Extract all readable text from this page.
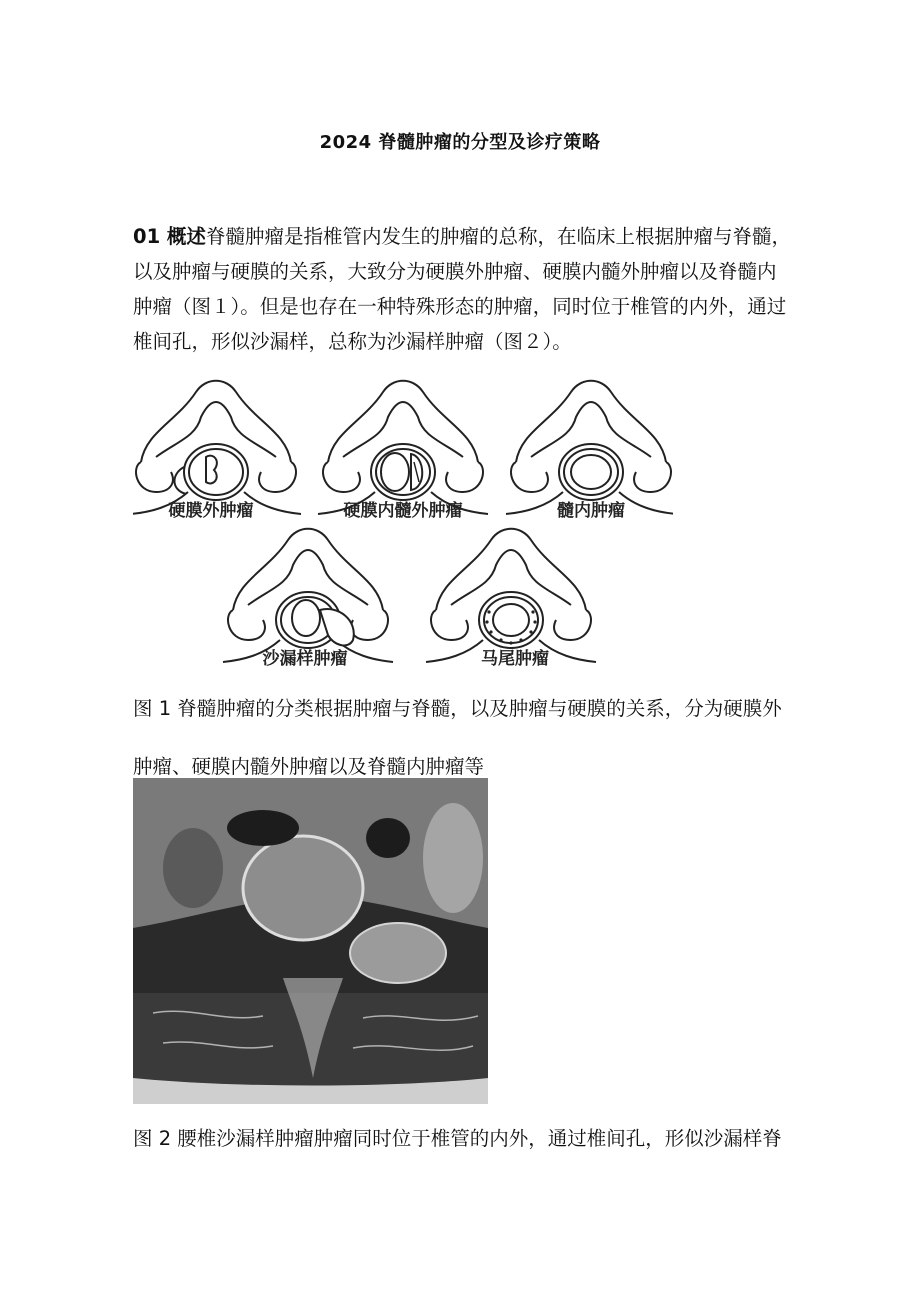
2024 脊髓肿瘤的分型及诊疗策略
01 概述脊髓肿瘤是指椎管内发生的肿瘤的总称，在临床上根据肿瘤与脊髓，以及肿瘤与硬膜的关系，大致分为硬膜外肿瘤、硬膜内髓外肿瘤以及脊髓内肿瘤（图１）。但是也存在一种特殊形态的肿瘤，同时位于椎管的内外，通过椎间孔，形似沙漏样，总称为沙漏样肿瘤（图２）。
硬膜外肿瘤	硬膜内髓外肿瘤	髓内肿瘤
沙漏样肿瘤	马尾肿瘤
图 1 脊髓肿瘤的分类根据肿瘤与脊髓，以及肿瘤与硬膜的关系，分为硬膜外肿瘤、硬膜内髓外肿瘤以及脊髓内肿瘤等
图 2 腰椎沙漏样肿瘤肿瘤同时位于椎管的内外，通过椎间孔，形似沙漏样脊
